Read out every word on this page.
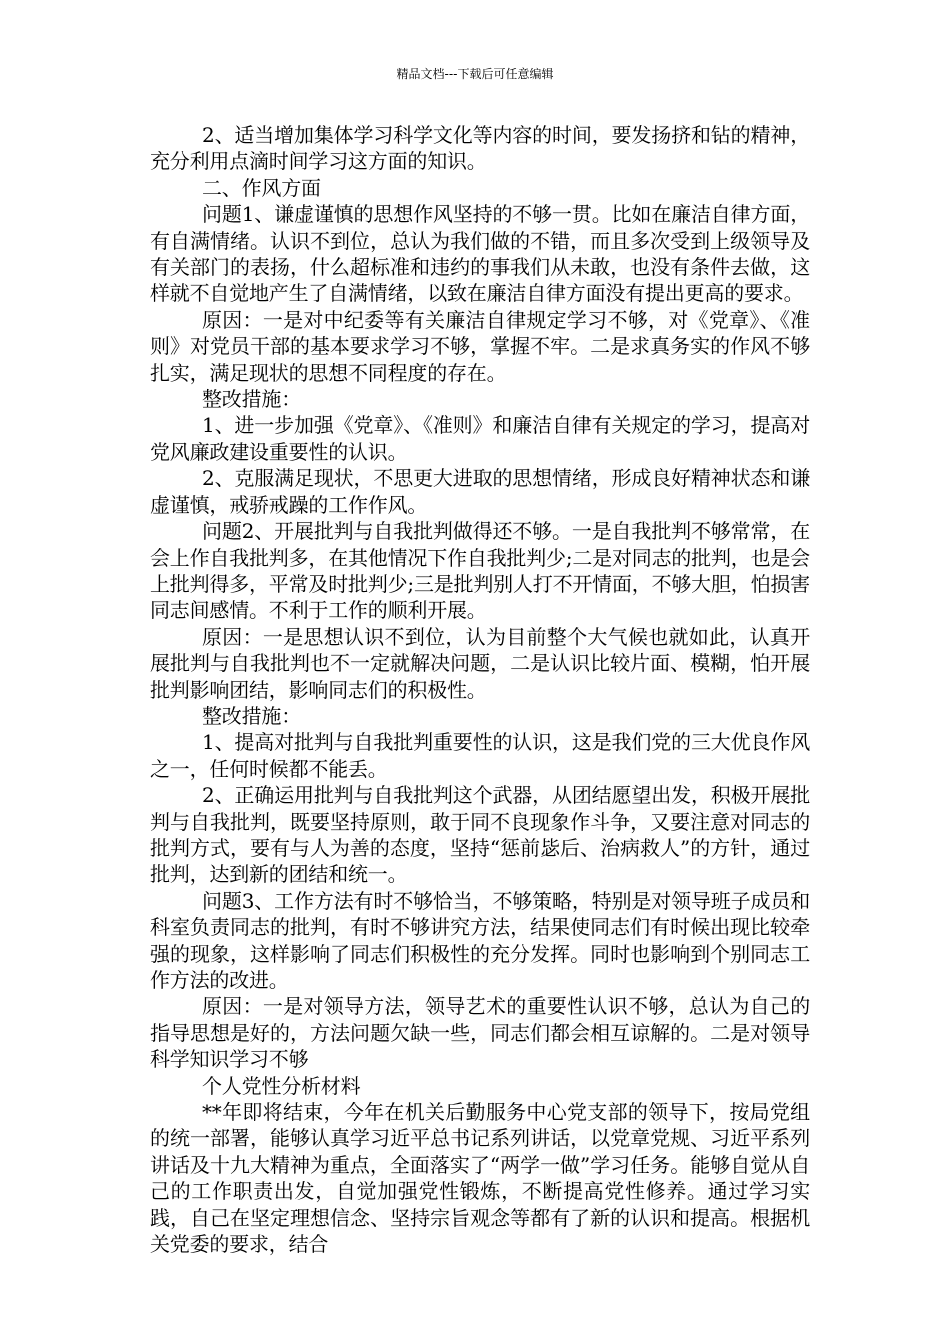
精品文档---下载后可任意编辑

2、适当增加集体学习科学文化等内容的时间，要发扬挤和钻的精神，充分利用点滴时间学习这方面的知识。

二、作风方面

问题1、谦虚谨慎的思想作风坚持的不够一贯。比如在廉洁自律方面，有自满情绪。认识不到位，总认为我们做的不错，而且多次受到上级领导及有关部门的表扬，什么超标准和违约的事我们从未敢，也没有条件去做，这样就不自觉地产生了自满情绪，以致在廉洁自律方面没有提出更高的要求。

原因：一是对中纪委等有关廉洁自律规定学习不够，对《党章》、《准则》对党员干部的基本要求学习不够，掌握不牢。二是求真务实的作风不够扎实，满足现状的思想不同程度的存在。

整改措施：

1、进一步加强《党章》、《准则》和廉洁自律有关规定的学习，提高对党风廉政建设重要性的认识。

2、克服满足现状，不思更大进取的思想情绪，形成良好精神状态和谦虚谨慎，戒骄戒躁的工作作风。

问题2、开展批判与自我批判做得还不够。一是自我批判不够常常，在会上作自我批判多，在其他情况下作自我批判少;二是对同志的批判，也是会上批判得多，平常及时批判少;三是批判别人打不开情面，不够大胆，怕损害同志间感情。不利于工作的顺利开展。

原因：一是思想认识不到位，认为目前整个大气候也就如此，认真开展批判与自我批判也不一定就解决问题，二是认识比较片面、模糊，怕开展批判影响团结，影响同志们的积极性。

整改措施：

1、提高对批判与自我批判重要性的认识，这是我们党的三大优良作风之一，任何时候都不能丢。

2、正确运用批判与自我批判这个武器，从团结愿望出发，积极开展批判与自我批判，既要坚持原则，敢于同不良现象作斗争，又要注意对同志的批判方式，要有与人为善的态度，坚持“惩前毖后、治病救人”的方针，通过批判，达到新的团结和统一。

问题3、工作方法有时不够恰当，不够策略，特别是对领导班子成员和科室负责同志的批判，有时不够讲究方法，结果使同志们有时候出现比较牵强的现象，这样影响了同志们积极性的充分发挥。同时也影响到个别同志工作方法的改进。

原因：一是对领导方法，领导艺术的重要性认识不够，总认为自己的指导思想是好的，方法问题欠缺一些，同志们都会相互谅解的。二是对领导科学知识学习不够

个人党性分析材料

**年即将结束，今年在机关后勤服务中心党支部的领导下，按局党组的统一部署，能够认真学习近平总书记系列讲话，以党章党规、习近平系列讲话及十九大精神为重点，全面落实了“两学一做”学习任务。能够自觉从自己的工作职责出发，自觉加强党性锻炼，不断提高党性修养。通过学习实践，自己在坚定理想信念、坚持宗旨观念等都有了新的认识和提高。根据机关党委的要求，结合
